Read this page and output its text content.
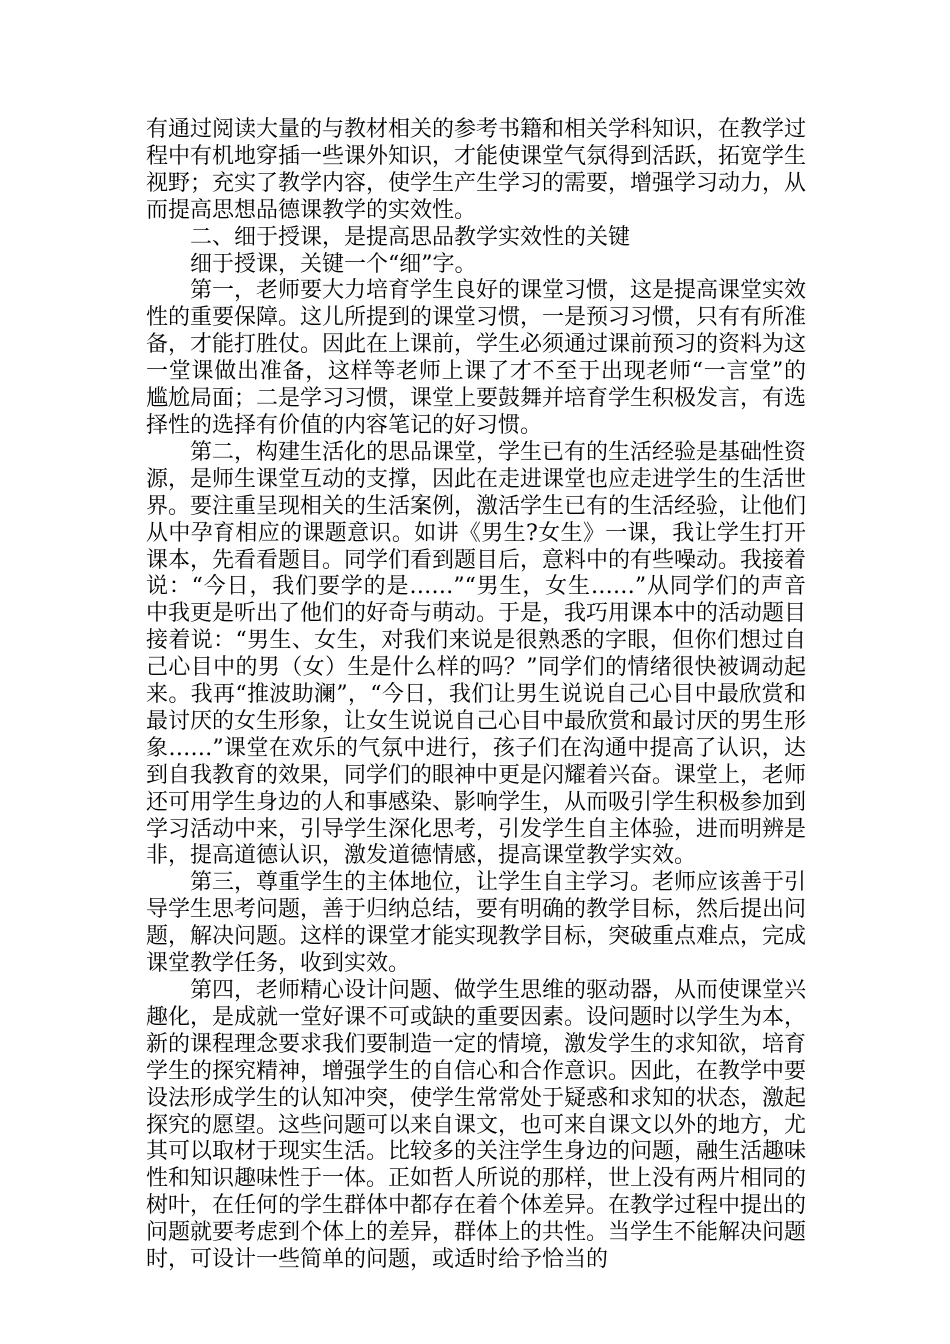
有通过阅读大量的与教材相关的参考书籍和相关学科知识，在教学过程中有机地穿插一些课外知识，才能使课堂气氛得到活跃，拓宽学生视野；充实了教学内容，使学生产生学习的需要，增强学习动力，从而提高思想品德课教学的实效性。

二、细于授课，是提高思品教学实效性的关键

细于授课，关键一个“细”字。

第一，老师要大力培育学生良好的课堂习惯，这是提高课堂实效性的重要保障。这儿所提到的课堂习惯，一是预习习惯，只有有所准备，才能打胜仗。因此在上课前，学生必须通过课前预习的资料为这一堂课做出准备，这样等老师上课了才不至于出现老师“一言堂”的尴尬局面；二是学习习惯，课堂上要鼓舞并培育学生积极发言，有选择性的选择有价值的内容笔记的好习惯。

第二，构建生活化的思品课堂，学生已有的生活经验是基础性资源，是师生课堂互动的支撑，因此在走进课堂也应走进学生的生活世界。要注重呈现相关的生活案例，激活学生已有的生活经验，让他们从中孕育相应的课题意识。如讲《男生?女生》一课，我让学生打开课本，先看看题目。同学们看到题目后，意料中的有些噪动。我接着说：“今日，我们要学的是……”“男生，女生……”从同学们的声音中我更是听出了他们的好奇与萌动。于是，我巧用课本中的活动题目接着说：“男生、女生，对我们来说是很熟悉的字眼，但你们想过自己心目中的男（女）生是什么样的吗？”同学们的情绪很快被调动起来。我再“推波助澜”，“今日，我们让男生说说自己心目中最欣赏和最讨厌的女生形象，让女生说说自己心目中最欣赏和最讨厌的男生形象……”课堂在欢乐的气氛中进行，孩子们在沟通中提高了认识，达到自我教育的效果，同学们的眼神中更是闪耀着兴奋。课堂上，老师还可用学生身边的人和事感染、影响学生，从而吸引学生积极参加到学习活动中来，引导学生深化思考，引发学生自主体验，进而明辨是非，提高道德认识，激发道德情感，提高课堂教学实效。

第三，尊重学生的主体地位，让学生自主学习。老师应该善于引导学生思考问题，善于归纳总结，要有明确的教学目标，然后提出问题，解决问题。这样的课堂才能实现教学目标，突破重点难点，完成课堂教学任务，收到实效。

第四，老师精心设计问题、做学生思维的驱动器，从而使课堂兴趣化，是成就一堂好课不可或缺的重要因素。设问题时以学生为本，新的课程理念要求我们要制造一定的情境，激发学生的求知欲，培育学生的探究精神，增强学生的自信心和合作意识。因此，在教学中要设法形成学生的认知冲突，使学生常常处于疑惑和求知的状态，激起探究的愿望。这些问题可以来自课文，也可来自课文以外的地方，尤其可以取材于现实生活。比较多的关注学生身边的问题，融生活趣味性和知识趣味性于一体。正如哲人所说的那样，世上没有两片相同的树叶，在任何的学生群体中都存在着个体差异。在教学过程中提出的问题就要考虑到个体上的差异，群体上的共性。当学生不能解决问题时，可设计一些简单的问题，或适时给予恰当的
